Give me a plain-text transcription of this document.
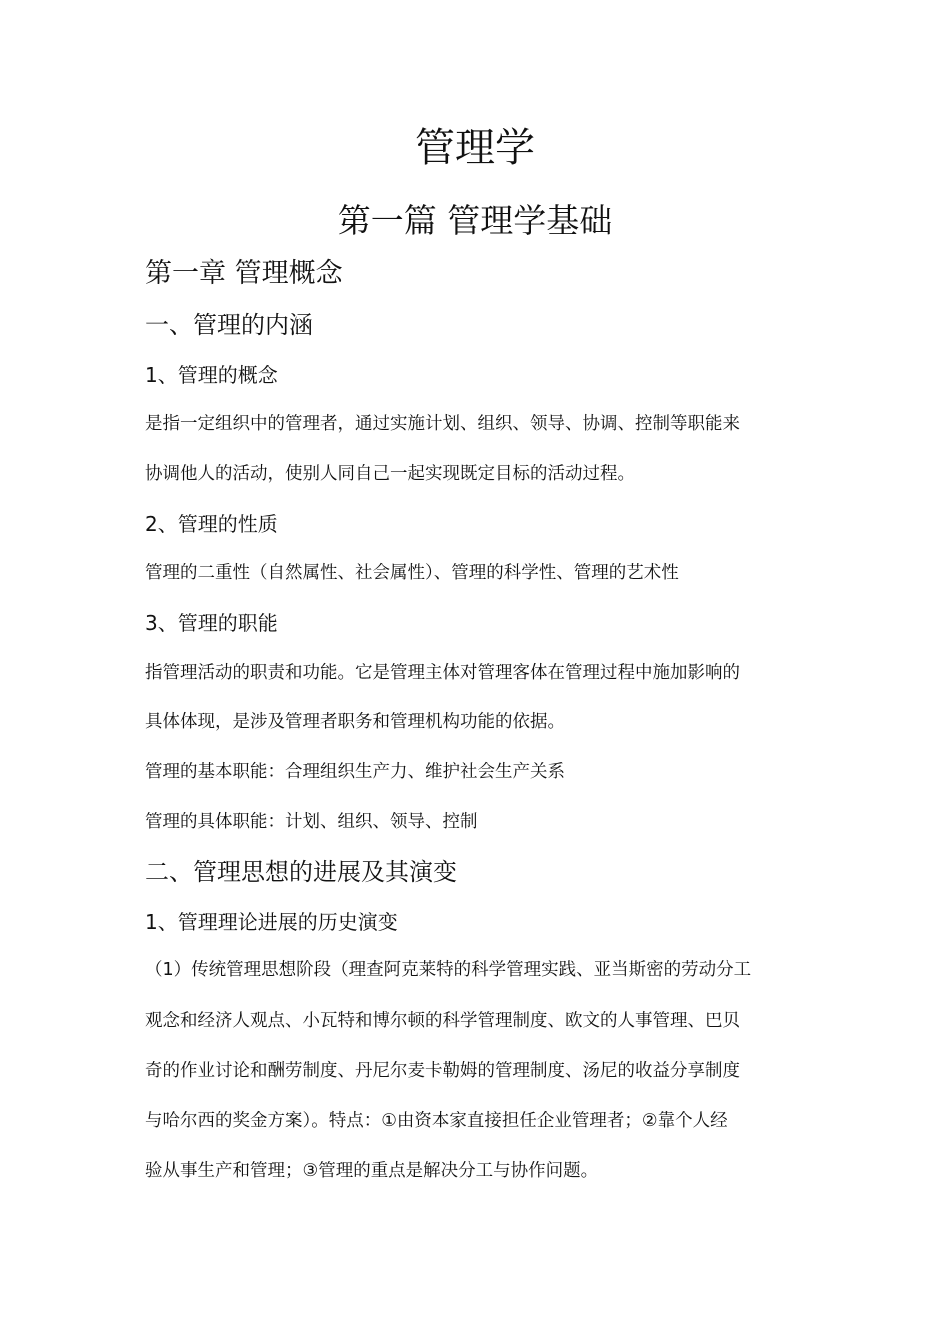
管理学
第一篇 管理学基础
第一章 管理概念
一、管理的内涵
1、管理的概念
是指一定组织中的管理者，通过实施计划、组织、领导、协调、控制等职能来
协调他人的活动，使别人同自己一起实现既定目标的活动过程。
2、管理的性质
管理的二重性（自然属性、社会属性）、管理的科学性、管理的艺术性
3、管理的职能
指管理活动的职责和功能。它是管理主体对管理客体在管理过程中施加影响的
具体体现，是涉及管理者职务和管理机构功能的依据。
管理的基本职能：合理组织生产力、维护社会生产关系
管理的具体职能：计划、组织、领导、控制
二、管理思想的进展及其演变
1、管理理论进展的历史演变
（1）传统管理思想阶段（理查阿克莱特的科学管理实践、亚当斯密的劳动分工
观念和经济人观点、小瓦特和博尔顿的科学管理制度、欧文的人事管理、巴贝
奇的作业讨论和酬劳制度、丹尼尔麦卡勒姆的管理制度、汤尼的收益分享制度
与哈尔西的奖金方案）。特点：①由资本家直接担任企业管理者；②靠个人经
验从事生产和管理；③管理的重点是解决分工与协作问题。
